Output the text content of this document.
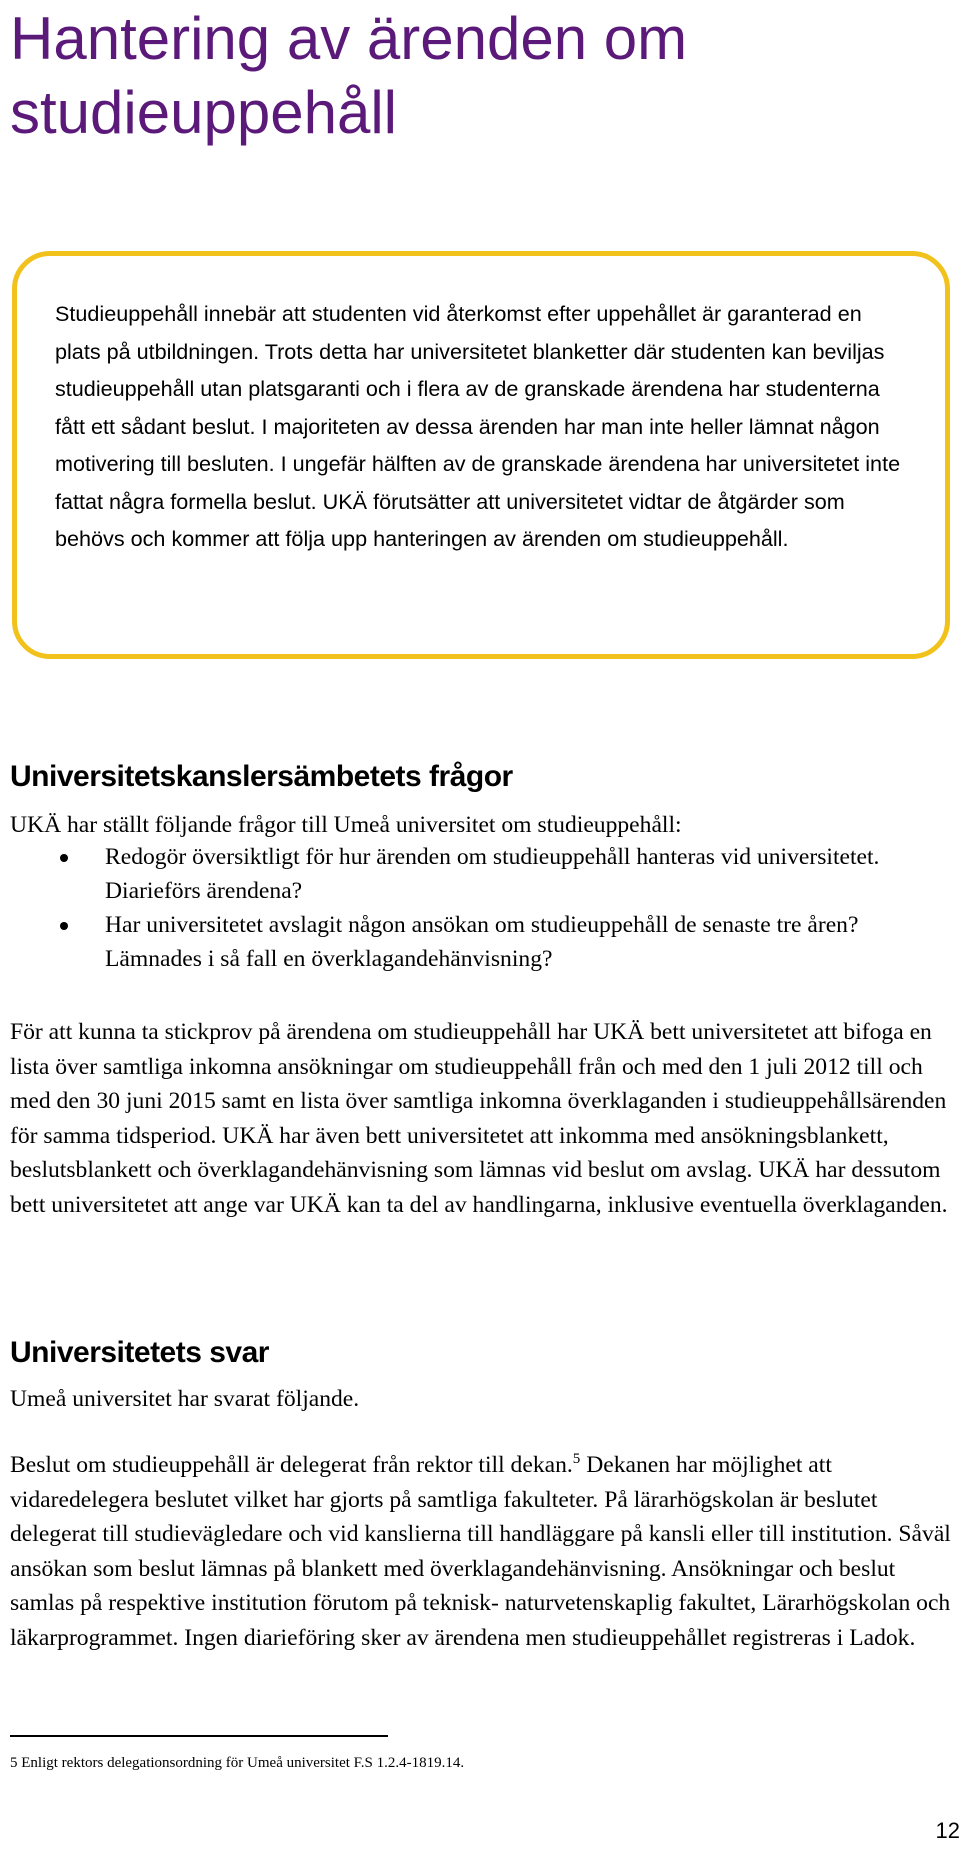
Hantering av ärenden om studieuppehåll
Studieuppehåll innebär att studenten vid återkomst efter uppehållet är garanterad en plats på utbildningen. Trots detta har universitetet blanketter där studenten kan beviljas studieuppehåll utan platsgaranti och i flera av de granskade ärendena har studenterna fått ett sådant beslut. I majoriteten av dessa ärenden har man inte heller lämnat någon motivering till besluten. I ungefär hälften av de granskade ärendena har universitetet inte fattat några formella beslut. UKÄ förutsätter att universitetet vidtar de åtgärder som behövs och kommer att följa upp hanteringen av ärenden om studieuppehåll.
Universitetskanslersämbetets frågor

UKÄ har ställt följande frågor till Umeå universitet om studieuppehåll:

Redogör översiktligt för hur ärenden om studieuppehåll hanteras vid universitetet. Diarieförs ärendena?
Har universitetet avslagit någon ansökan om studieuppehåll de senaste tre åren? Lämnades i så fall en överklagandehänvisning?

För att kunna ta stickprov på ärendena om studieuppehåll har UKÄ bett universitetet att bifoga en lista över samtliga inkomna ansökningar om studieuppehåll från och med den 1 juli 2012 till och med den 30 juni 2015 samt en lista över samtliga inkomna överklaganden i studieuppehållsärenden för samma tidsperiod. UKÄ har även bett universitetet att inkomma med ansökningsblankett, beslutsblankett och överklagandehänvisning som lämnas vid beslut om avslag. UKÄ har dessutom bett universitetet att ange var UKÄ kan ta del av handlingarna, inklusive eventuella överklaganden.

Universitetets svar

Umeå universitet har svarat följande.

Beslut om studieuppehåll är delegerat från rektor till dekan.$^5$ Dekanen har möjlighet att vidaredelegera beslutet vilket har gjorts på samtliga fakulteter. På lärarhögskolan är beslutet delegerat till studievägledare och vid kanslierna till handläggare på kansli eller till institution. Såväl ansökan som beslut lämnas på blankett med överklagandehänvisning. Ansökningar och beslut samlas på respektive institution förutom på teknisk- naturvetenskaplig fakultet, Lärarhögskolan och läkarprogrammet. Ingen diarieföring sker av ärendena men studieuppehållet registreras i Ladok.

5 Enligt rektors delegationsordning för Umeå universitet F.S 1.2.4-1819.14.

12
